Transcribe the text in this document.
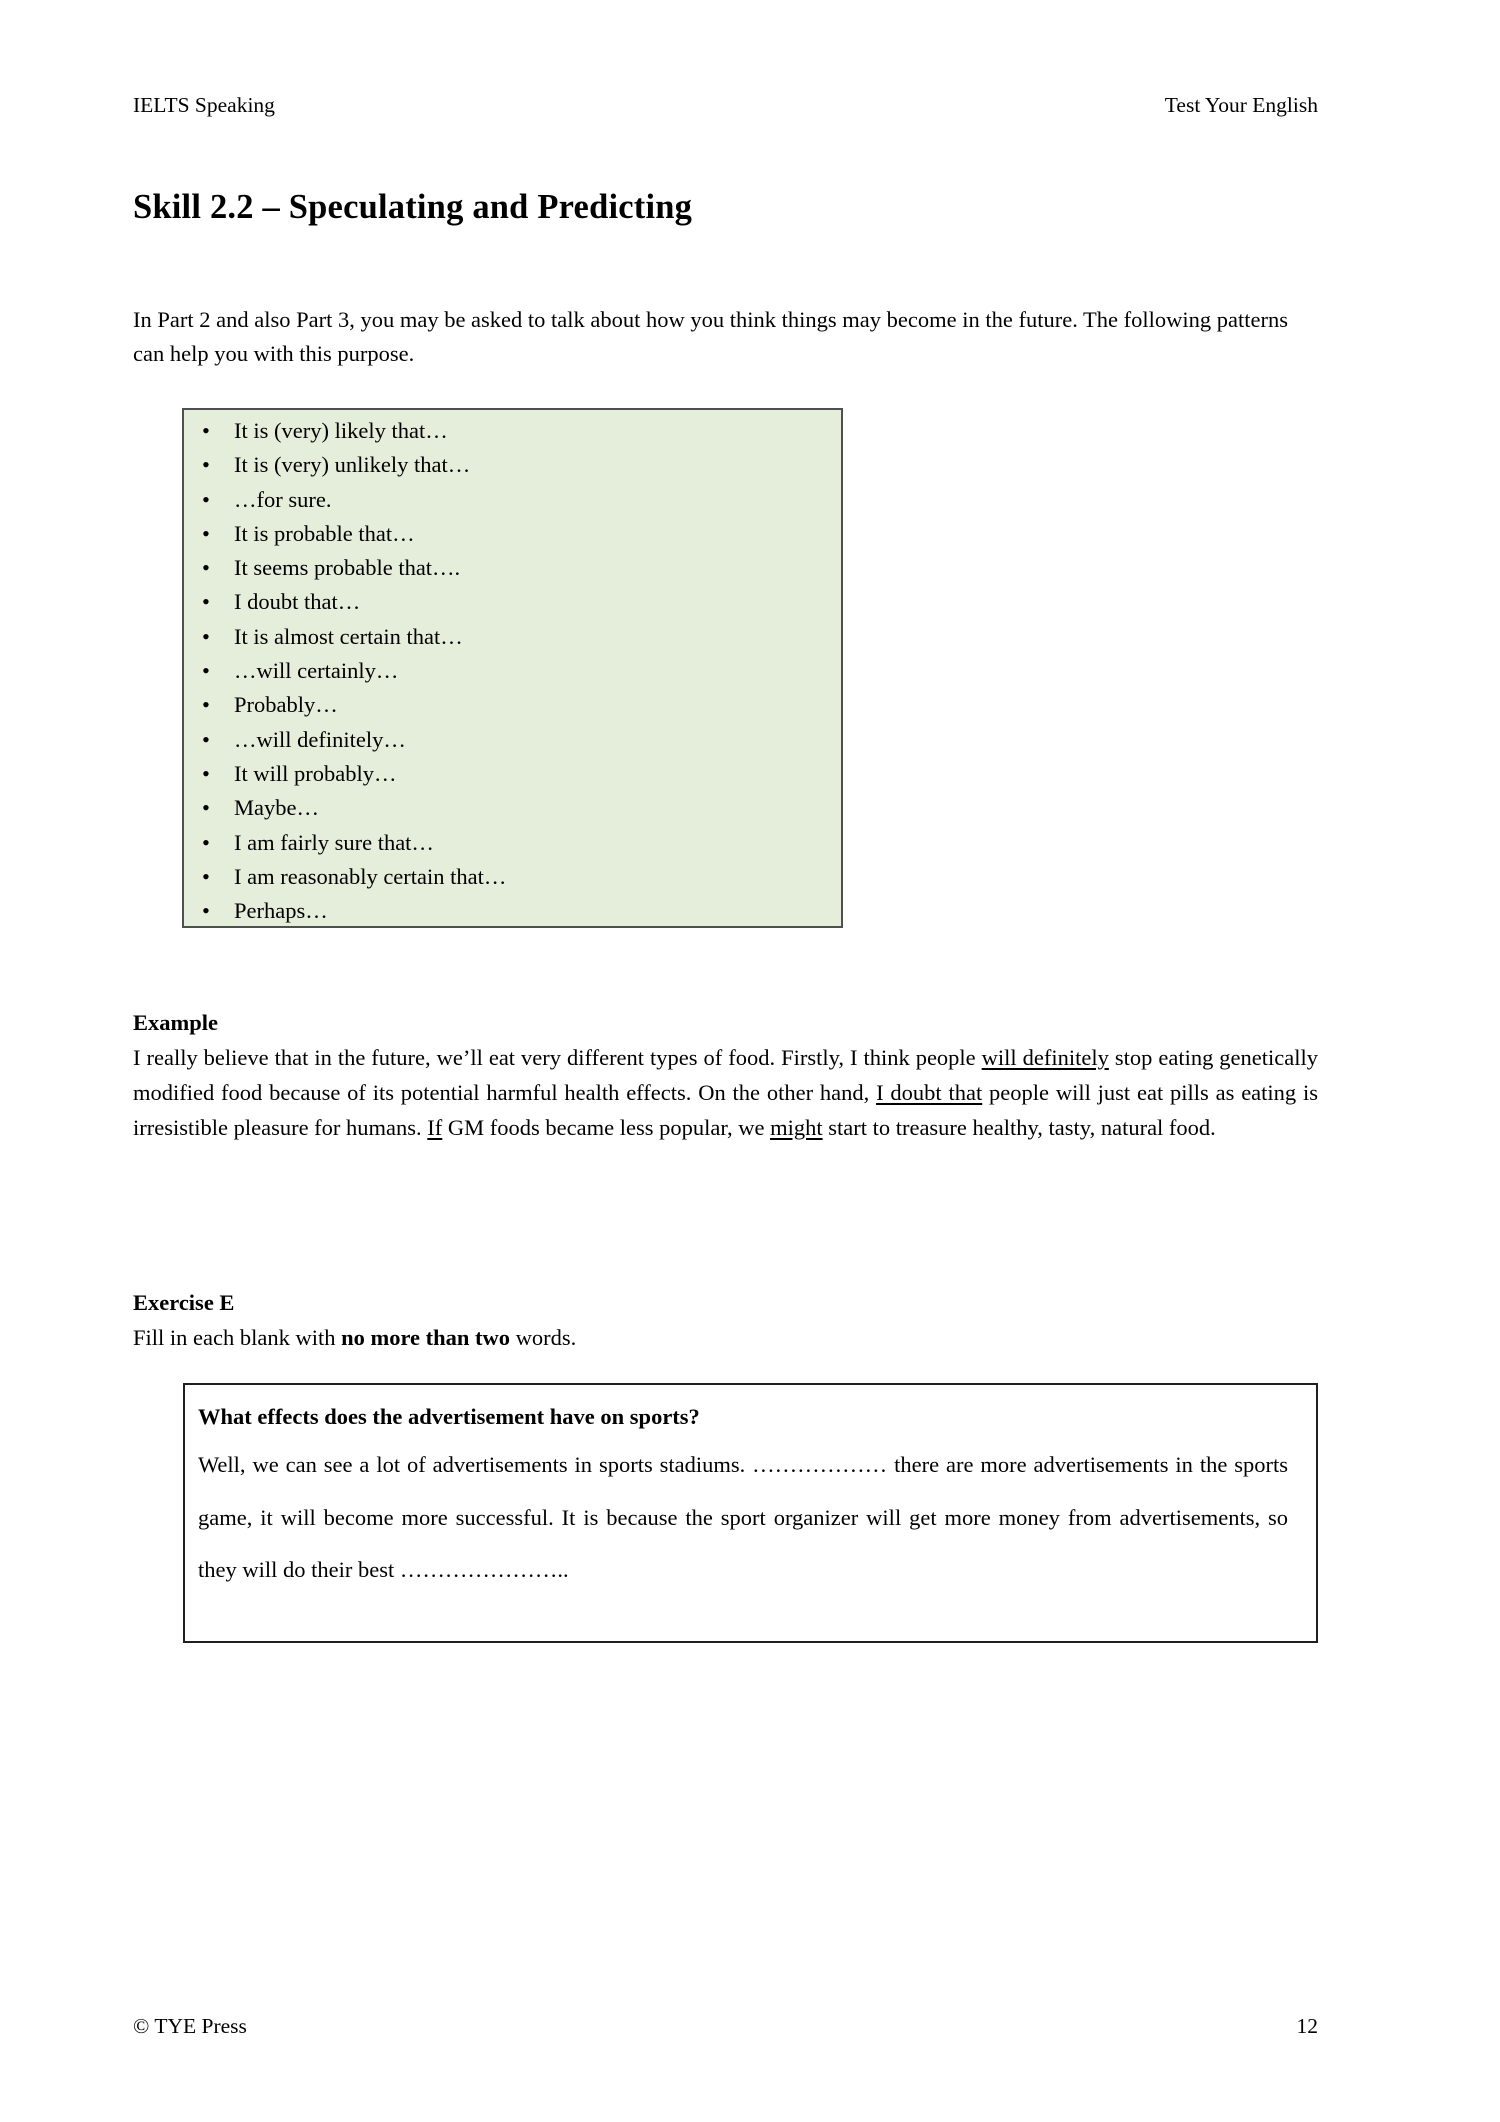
IELTS Speaking	Test Your English
Skill 2.2 – Speculating and Predicting

In Part 2 and also Part 3, you may be asked to talk about how you think things may become in the future. The following patterns can help you with this purpose.

• It is (very) likely that…
• It is (very) unlikely that…
• …for sure.
• It is probable that…
• It seems probable that….
• I doubt that…
• It is almost certain that…
• …will certainly…
• Probably…
• …will definitely…
• It will probably…
• Maybe…
• I am fairly sure that…
• I am reasonably certain that…
• Perhaps…
Example

I really believe that in the future, we’ll eat very different types of food. Firstly, I think people will definitely stop eating genetically modified food because of its potential harmful health effects. On the other hand, I doubt that people will just eat pills as eating is irresistible pleasure for humans. If GM foods became less popular, we might start to treasure healthy, tasty, natural food.

Exercise E

Fill in each blank with no more than two words.

What effects does the advertisement have on sports?

Well, we can see a lot of advertisements in sports stadiums. ……………… there are more advertisements in the sports game, it will become more successful. It is because the sport organizer will get more money from advertisements, so they will do their best …………………..

© TYE Press	12
